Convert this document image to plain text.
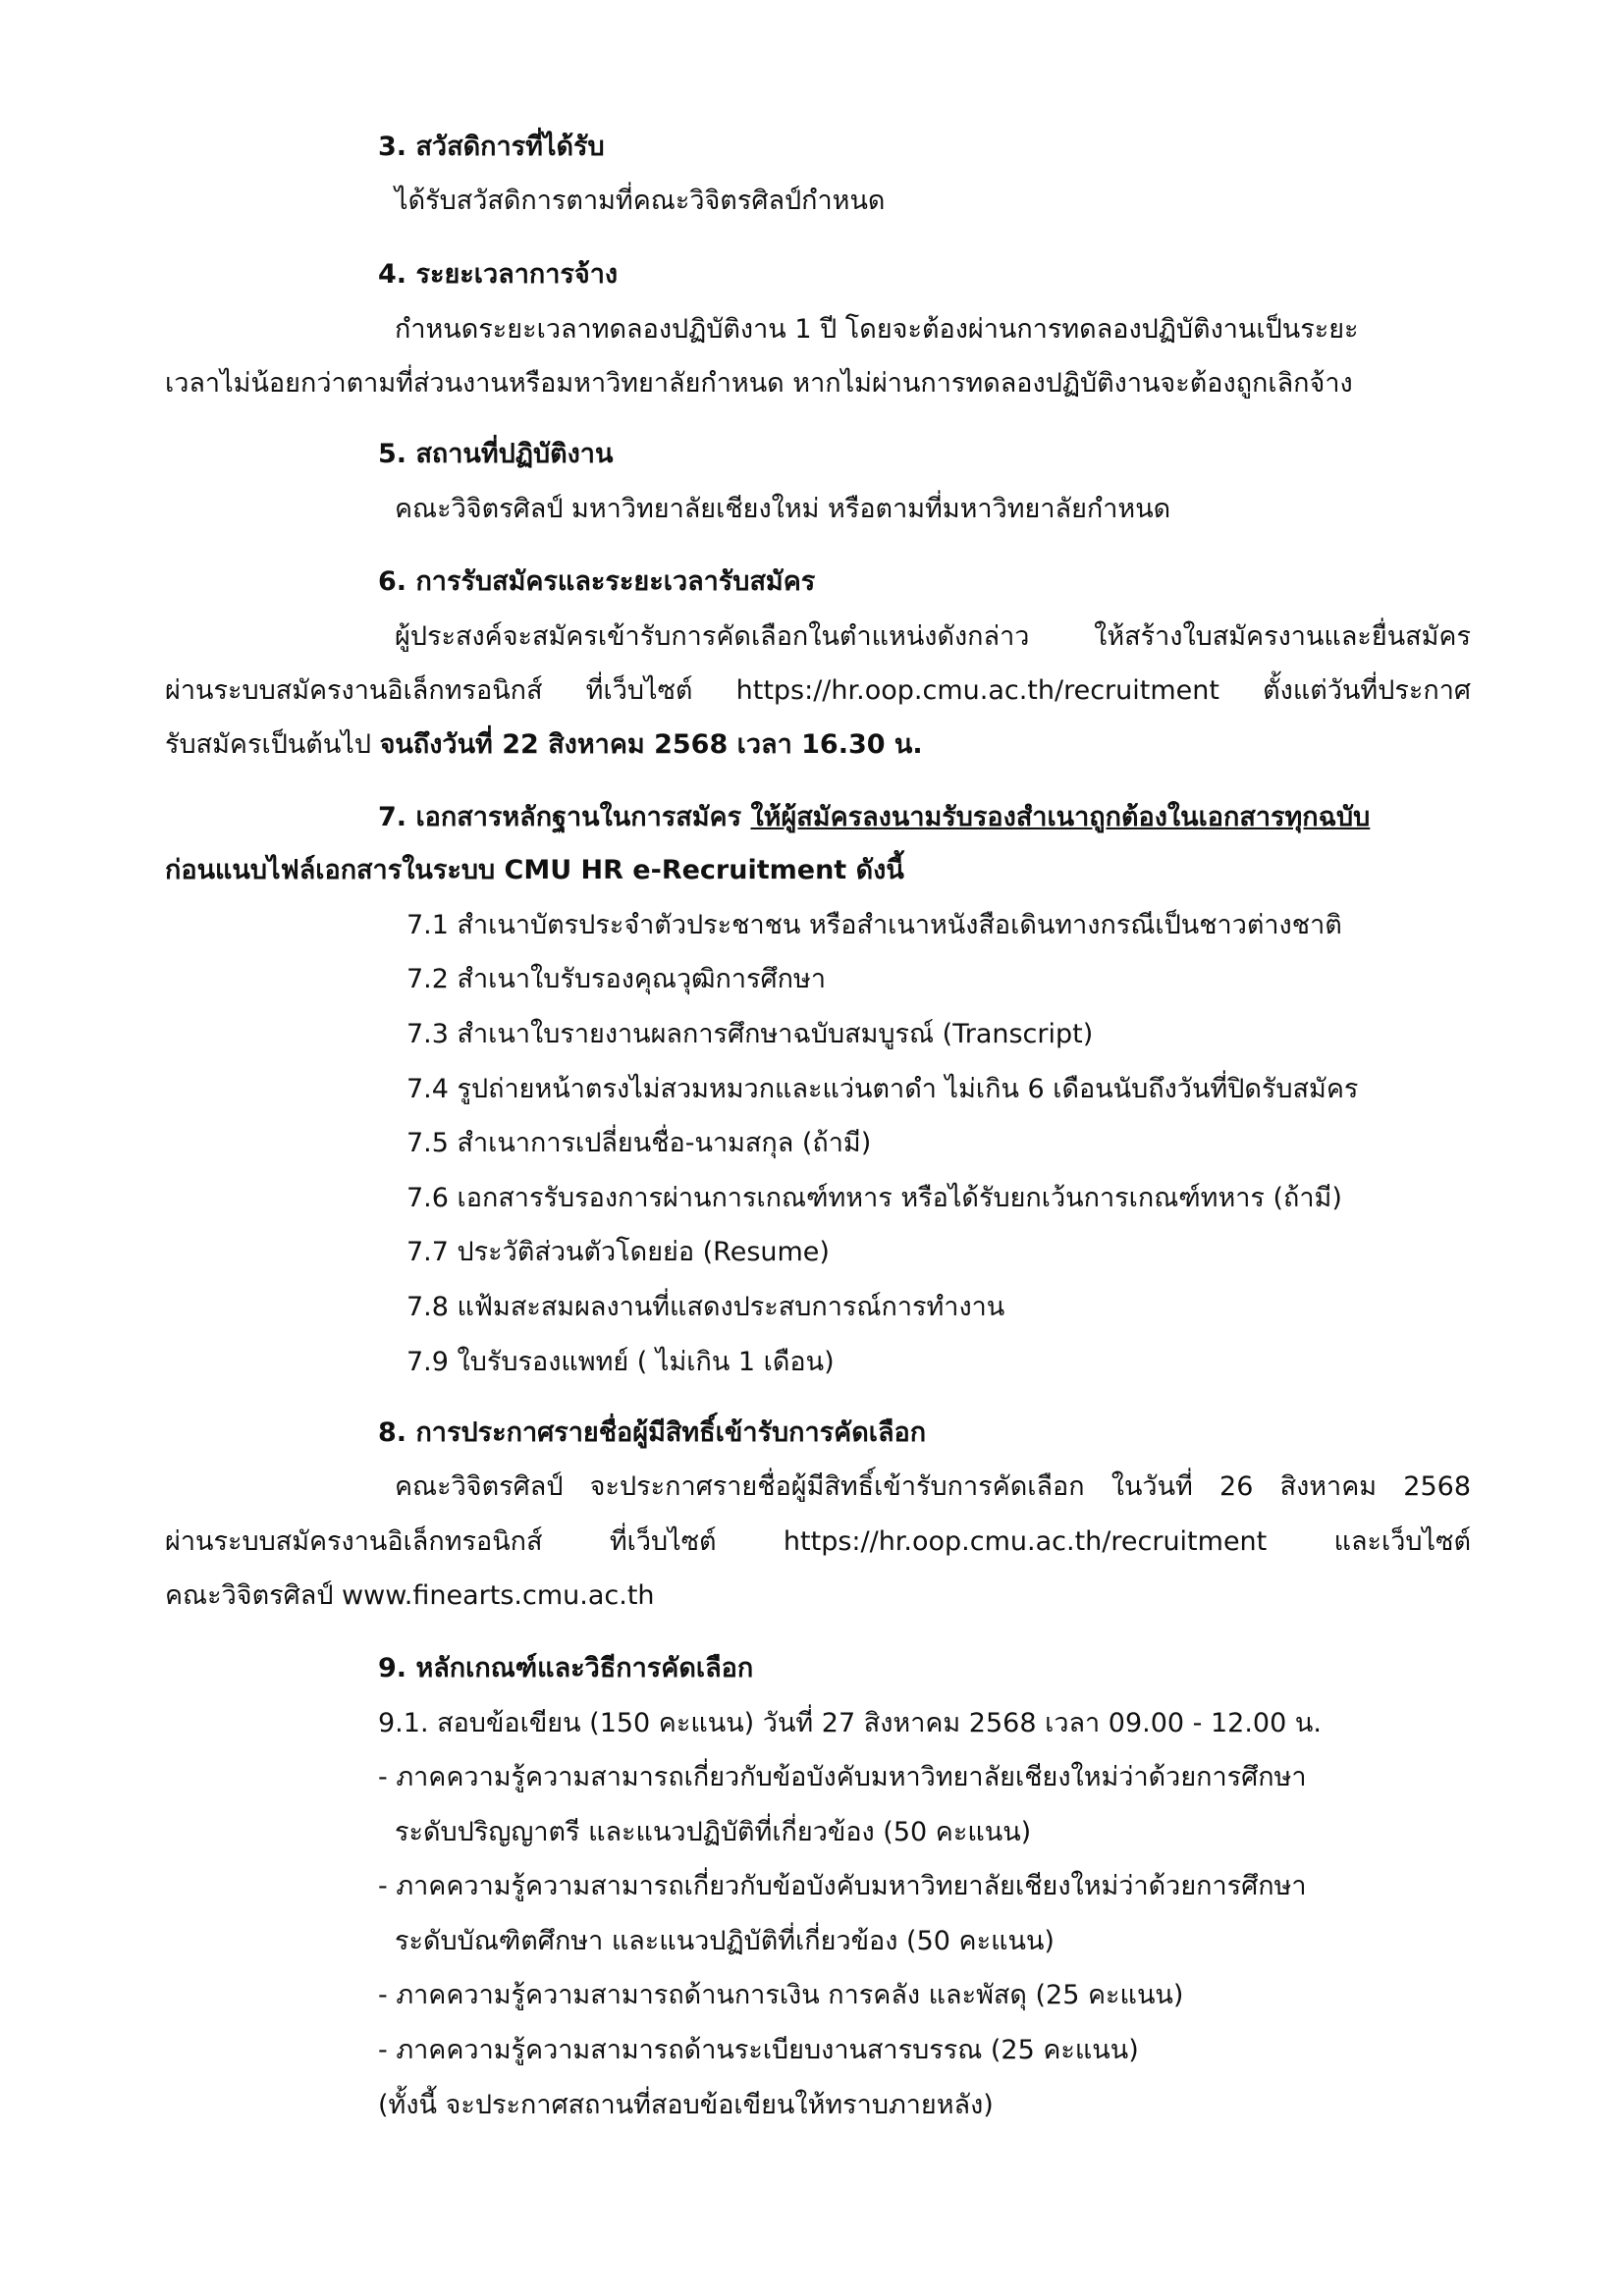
3. สวัสดิการที่ได้รับ
ได้รับสวัสดิการตามที่คณะวิจิตรศิลป์กำหนด
4. ระยะเวลาการจ้าง
กำหนดระยะเวลาทดลองปฏิบัติงาน 1 ปี โดยจะต้องผ่านการทดลองปฏิบัติงานเป็นระยะ
เวลาไม่น้อยกว่าตามที่ส่วนงานหรือมหาวิทยาลัยกำหนด หากไม่ผ่านการทดลองปฏิบัติงานจะต้องถูกเลิกจ้าง
5. สถานที่ปฏิบัติงาน
คณะวิจิตรศิลป์ มหาวิทยาลัยเชียงใหม่ หรือตามที่มหาวิทยาลัยกำหนด
6. การรับสมัครและระยะเวลารับสมัคร
ผู้ประสงค์จะสมัครเข้ารับการคัดเลือกในตำแหน่งดังกล่าว ให้สร้างใบสมัครงานและยื่นสมัคร
ผ่านระบบสมัครงานอิเล็กทรอนิกส์ ที่เว็บไซต์ https://hr.oop.cmu.ac.th/recruitment ตั้งแต่วันที่ประกาศ
รับสมัครเป็นต้นไป จนถึงวันที่ 22 สิงหาคม 2568 เวลา 16.30 น.
7. เอกสารหลักฐานในการสมัคร ให้ผู้สมัครลงนามรับรองสำเนาถูกต้องในเอกสารทุกฉบับ
ก่อนแนบไฟล์เอกสารในระบบ CMU HR e-Recruitment ดังนี้
7.1 สำเนาบัตรประจำตัวประชาชน หรือสำเนาหนังสือเดินทางกรณีเป็นชาวต่างชาติ
7.2 สำเนาใบรับรองคุณวุฒิการศึกษา
7.3 สำเนาใบรายงานผลการศึกษาฉบับสมบูรณ์ (Transcript)
7.4 รูปถ่ายหน้าตรงไม่สวมหมวกและแว่นตาดำ ไม่เกิน 6 เดือนนับถึงวันที่ปิดรับสมัคร
7.5 สำเนาการเปลี่ยนชื่อ-นามสกุล (ถ้ามี)
7.6 เอกสารรับรองการผ่านการเกณฑ์ทหาร หรือได้รับยกเว้นการเกณฑ์ทหาร (ถ้ามี)
7.7 ประวัติส่วนตัวโดยย่อ (Resume)
7.8 แฟ้มสะสมผลงานที่แสดงประสบการณ์การทำงาน
7.9 ใบรับรองแพทย์ ( ไม่เกิน 1 เดือน)
8. การประกาศรายชื่อผู้มีสิทธิ์เข้ารับการคัดเลือก
คณะวิจิตรศิลป์ จะประกาศรายชื่อผู้มีสิทธิ์เข้ารับการคัดเลือก ในวันที่ 26 สิงหาคม 2568
ผ่านระบบสมัครงานอิเล็กทรอนิกส์ ที่เว็บไซต์ https://hr.oop.cmu.ac.th/recruitment และเว็บไซต์
คณะวิจิตรศิลป์ www.finearts.cmu.ac.th
9. หลักเกณฑ์และวิธีการคัดเลือก
9.1. สอบข้อเขียน (150 คะแนน) วันที่ 27 สิงหาคม 2568 เวลา 09.00 - 12.00 น.
- ภาคความรู้ความสามารถเกี่ยวกับข้อบังคับมหาวิทยาลัยเชียงใหม่ว่าด้วยการศึกษา
ระดับปริญญาตรี และแนวปฏิบัติที่เกี่ยวข้อง (50 คะแนน)
- ภาคความรู้ความสามารถเกี่ยวกับข้อบังคับมหาวิทยาลัยเชียงใหม่ว่าด้วยการศึกษา
ระดับบัณฑิตศึกษา และแนวปฏิบัติที่เกี่ยวข้อง (50 คะแนน)
- ภาคความรู้ความสามารถด้านการเงิน การคลัง และพัสดุ (25 คะแนน)
- ภาคความรู้ความสามารถด้านระเบียบงานสารบรรณ (25 คะแนน)
(ทั้งนี้ จะประกาศสถานที่สอบข้อเขียนให้ทราบภายหลัง)
